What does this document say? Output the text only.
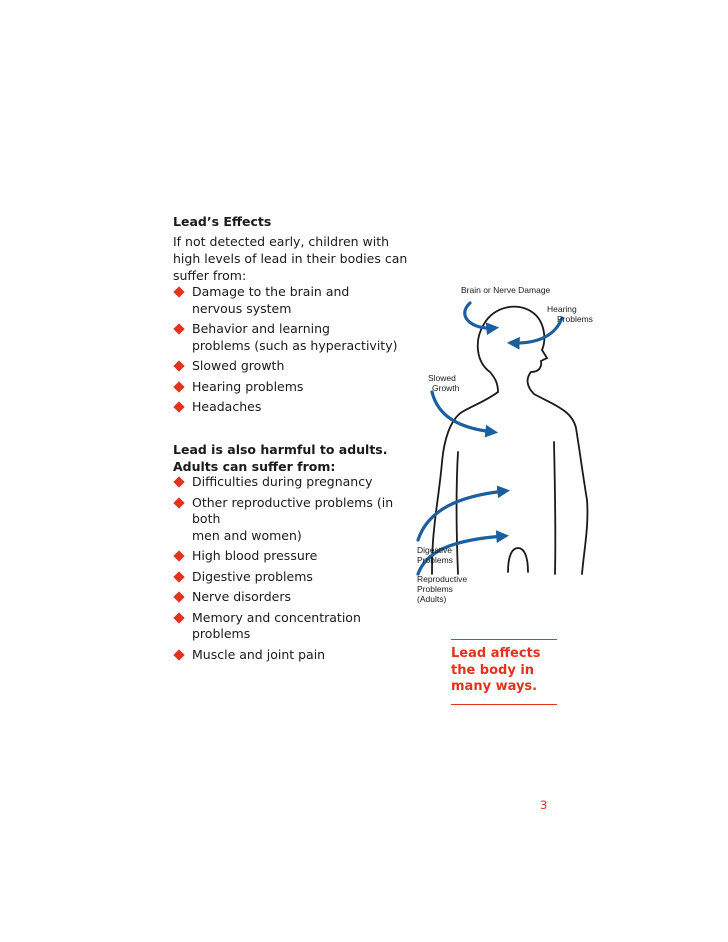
Lead’s Effects
If not detected early, children with high levels of lead in their bodies can suffer from:
Damage to the brain and
nervous system
Behavior and learning
problems (such as hyperactivity)
Slowed growth
Hearing problems
Headaches
Lead is also harmful to adults. Adults can suffer from:
Difficulties during pregnancy
Other reproductive problems (in both
men and women)
High blood pressure
Digestive problems
Nerve disorders
Memory and concentration problems
Muscle and joint pain
Brain or Nerve Damage
Hearing
Problems
Slowed
Growth
Digestive
Problems
Reproductive
Problems
(Adults)
Lead affects
the body in
many ways.
3
